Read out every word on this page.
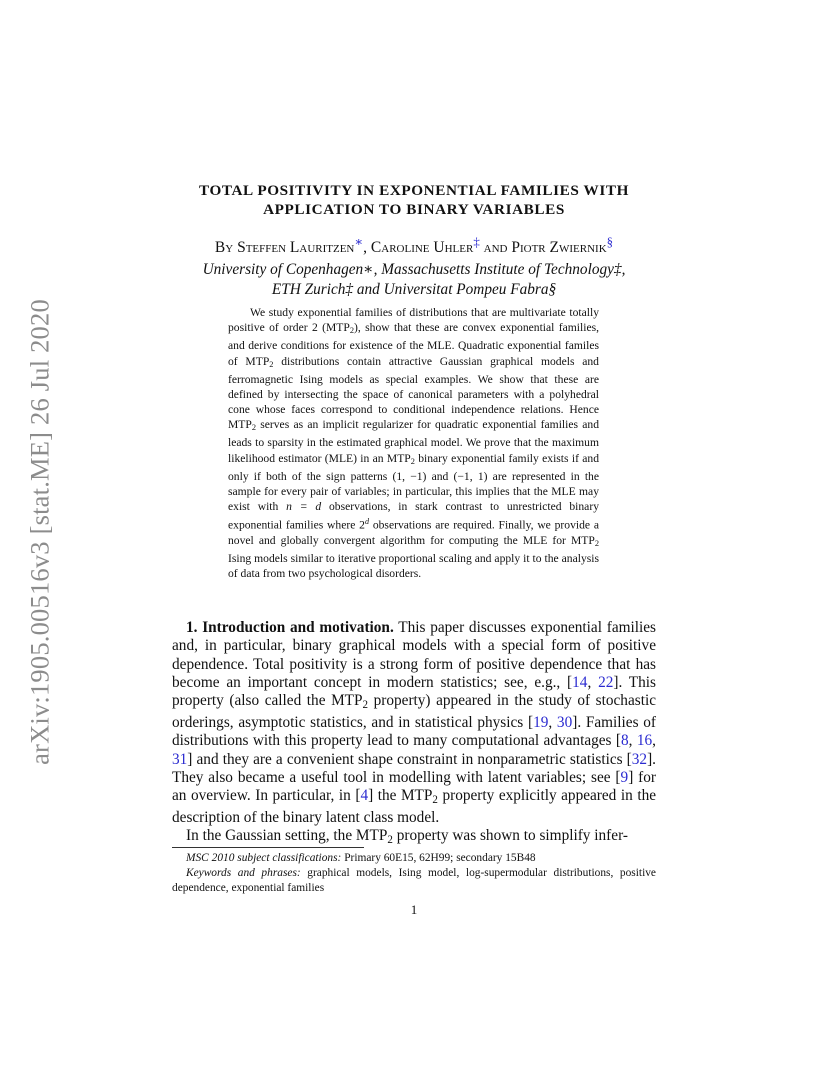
arXiv:1905.00516v3 [stat.ME] 26 Jul 2020
TOTAL POSITIVITY IN EXPONENTIAL FAMILIES WITH
APPLICATION TO BINARY VARIABLES
By Steffen Lauritzen∗, Caroline Uhler‡ and Piotr Zwiernik§
University of Copenhagen∗, Massachusetts Institute of Technology‡,
ETH Zurich‡ and Universitat Pompeu Fabra§
We study exponential families of distributions that are multivariate totally positive of order 2 $(MTP_2)$, show that these are convex exponential families, and derive conditions for existence of the MLE. Quadratic exponential familes of $MTP_2$ distributions contain attractive Gaussian graphical models and ferromagnetic Ising models as special examples. We show that these are defined by intersecting the space of canonical parameters with a polyhedral cone whose faces correspond to conditional independence relations. Hence $MTP_2$ serves as an implicit regularizer for quadratic exponential families and leads to sparsity in the estimated graphical model. We prove that the maximum likelihood estimator (MLE) in an $MTP_2$ binary exponential family exists if and only if both of the sign patterns (1, −1) and (−1, 1) are represented in the sample for every pair of variables; in particular, this implies that the MLE may exist with n = d observations, in stark contrast to unrestricted binary exponential families where 2$^d$ observations are required. Finally, we provide a novel and globally convergent algorithm for computing the MLE for $MTP_2$ Ising models similar to iterative proportional scaling and apply it to the analysis of data from two psychological disorders.

1. Introduction and motivation. This paper discusses exponential families and, in particular, binary graphical models with a special form of positive dependence. Total positivity is a strong form of positive dependence that has become an important concept in modern statistics; see, e.g., [14, 22]. This property (also called the $MTP_2$ property) appeared in the study of stochastic orderings, asymptotic statistics, and in statistical physics [19, 30]. Families of distributions with this property lead to many computational advantages [8, 16, 31] and they are a convenient shape constraint in nonparametric statistics [32]. They also became a useful tool in modelling with latent variables; see [9] for an overview. In particular, in [4] the $MTP_2$ property explicitly appeared in the description of the binary latent class model.

In the Gaussian setting, the $MTP_2$ property was shown to simplify infer-

MSC 2010 subject classifications: Primary 60E15, 62H99; secondary 15B48

Keywords and phrases: graphical models, Ising model, log-supermodular distributions, positive dependence, exponential families

1
